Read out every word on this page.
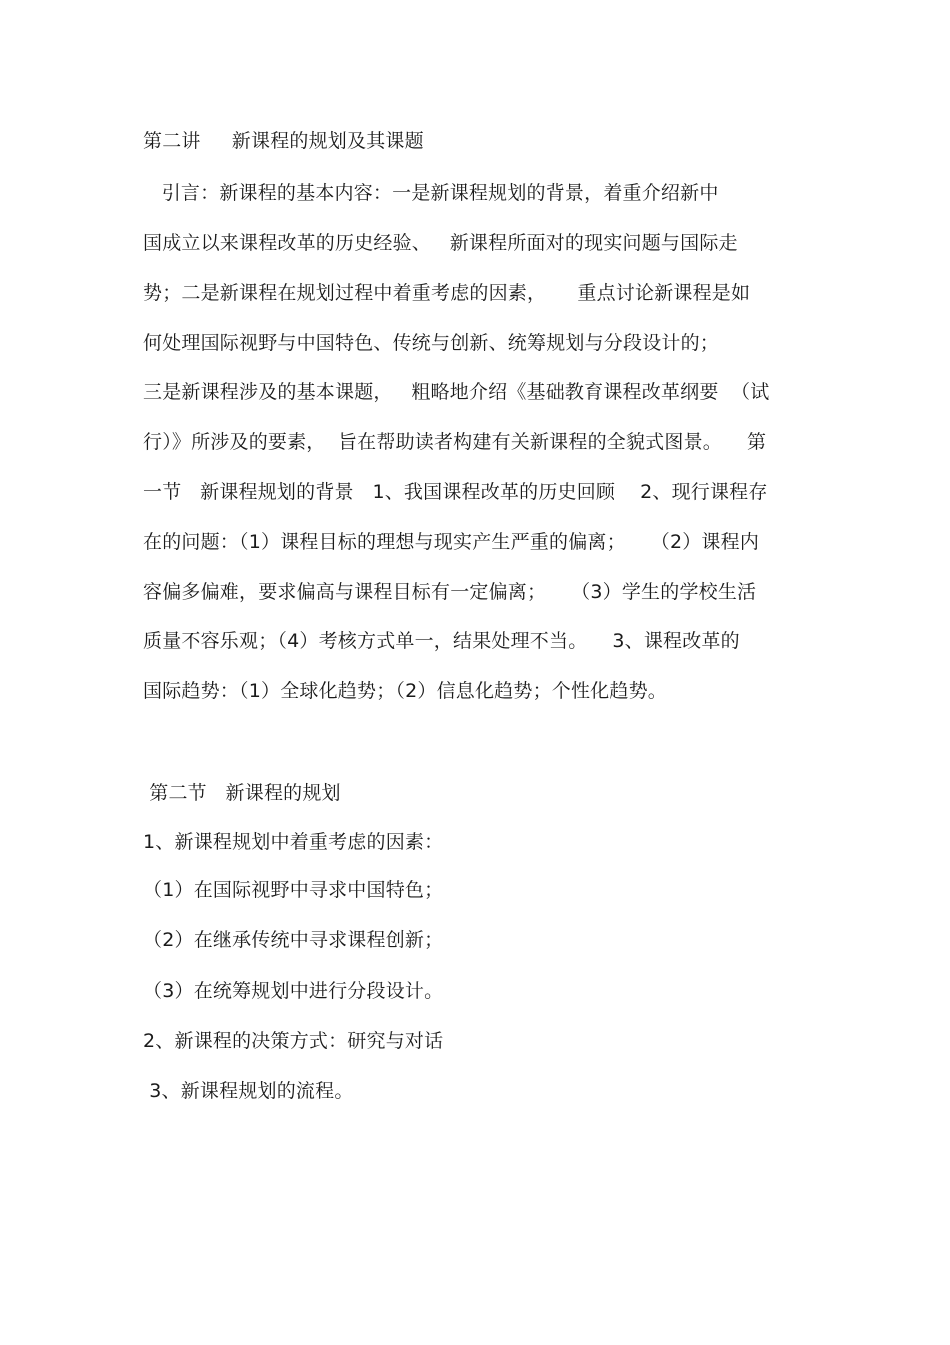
第二讲     新课程的规划及其课题
引言：新课程的基本内容：一是新课程规划的背景，着重介绍新中
国成立以来课程改革的历史经验、   新课程所面对的现实问题与国际走
势；二是新课程在规划过程中着重考虑的因素，     重点讨论新课程是如
何处理国际视野与中国特色、传统与创新、统筹规划与分段设计的；
三是新课程涉及的基本课题，   粗略地介绍《基础教育课程改革纲要  （试
行）》所涉及的要素，  旨在帮助读者构建有关新课程的全貌式图景。    第
一节   新课程规划的背景   1、我国课程改革的历史回顾    2、现行课程存
在的问题：（1）课程目标的理想与现实产生严重的偏离；    （2）课程内
容偏多偏难，要求偏高与课程目标有一定偏离；    （3）学生的学校生活
质量不容乐观；（4）考核方式单一，结果处理不当。    3、课程改革的
国际趋势：（1）全球化趋势；（2）信息化趋势；个性化趋势。
第二节   新课程的规划
1、新课程规划中着重考虑的因素：
（1）在国际视野中寻求中国特色；
（2）在继承传统中寻求课程创新；
（3）在统筹规划中进行分段设计。
2、新课程的决策方式：研究与对话
3、新课程规划的流程。
